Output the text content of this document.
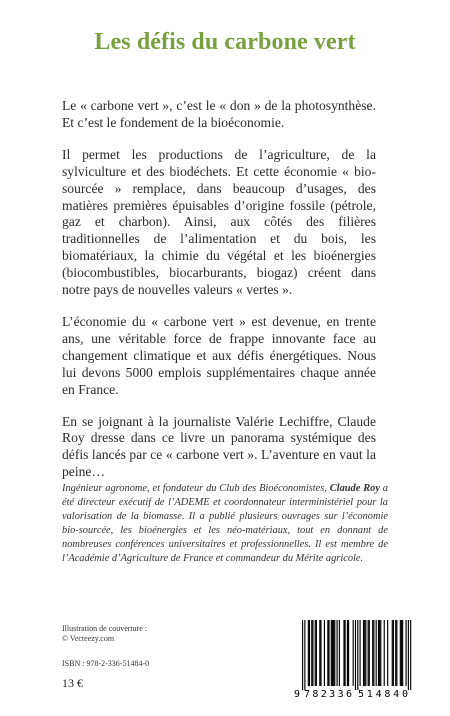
Les défis du carbone vert

Le « carbone vert », c’est le « don » de la photosynthèse. Et c’est le fondement de la bioéconomie.

Il permet les productions de l’agriculture, de la sylviculture et des biodéchets. Et cette économie « bio-sourcée » remplace, dans beaucoup d’usages, des matières premières épuisables d’origine fossile (pétrole, gaz et charbon). Ainsi, aux côtés des filières traditionnelles de l’alimentation et du bois, les biomatériaux, la chimie du végétal et les bioénergies (biocombustibles, biocarburants, biogaz) créent dans notre pays de nouvelles valeurs « vertes ».

L’économie du « carbone vert » est devenue, en trente ans, une véritable force de frappe innovante face au changement climatique et aux défis énergétiques. Nous lui devons 5000 emplois supplémentaires chaque année en France.

En se joignant à la journaliste Valérie Lechiffre, Claude Roy dresse dans ce livre un panorama systémique des défis lancés par ce « carbone vert ». L’aventure en vaut la peine…

Ingénieur agronome, et fondateur du Club des Bioéconomistes, Claude Roy a été directeur exécutif de l’ADEME et coordonnateur interministériel pour la valorisation de la biomasse. Il a publié plusieurs ouvrages sur l’économie bio-sourcée, les bioénergies et les néo-matériaux, tout en donnant de nombreuses conférences universitaires et professionnelles. Il est membre de l’Académie d’Agriculture de France et commandeur du Mérite agricole.
Illustration de couverture :
© Vecteezy.com
ISBN : 978-2-336-51484-0
13 €
9 782336 514840
